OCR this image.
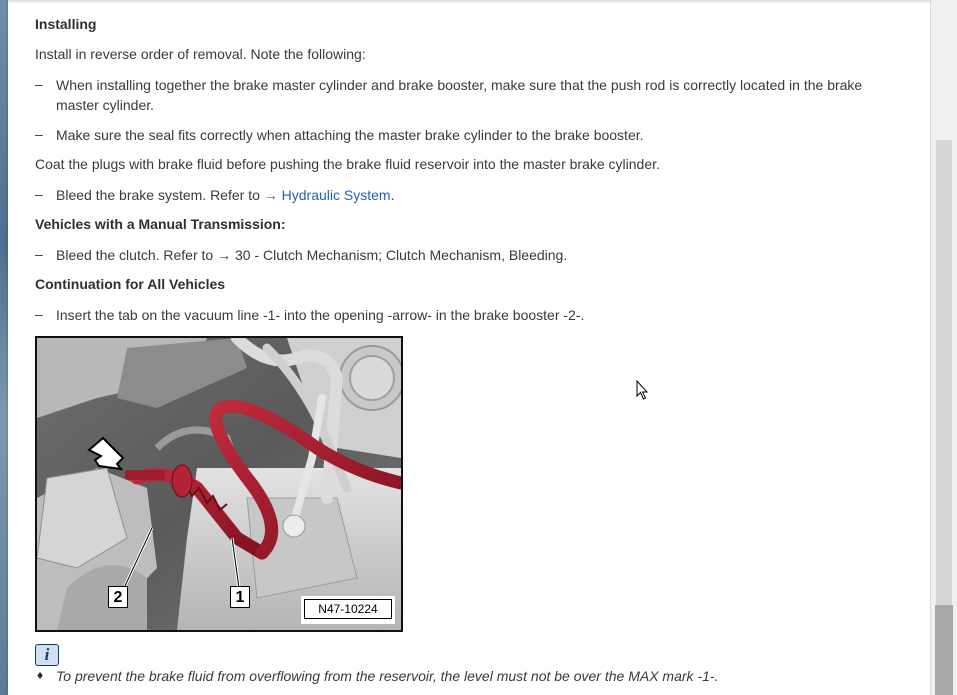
Installing
Install in reverse order of removal. Note the following:
– When installing together the brake master cylinder and brake booster, make sure that the push rod is correctly located in the brake master cylinder.
– Make sure the seal fits correctly when attaching the master brake cylinder to the brake booster.
Coat the plugs with brake fluid before pushing the brake fluid reservoir into the master brake cylinder.
– Bleed the brake system. Refer to → Hydraulic System.
Vehicles with a Manual Transmission:
– Bleed the clutch. Refer to → 30 - Clutch Mechanism; Clutch Mechanism, Bleeding.
Continuation for All Vehicles
– Insert the tab on the vacuum line -1- into the opening -arrow- in the brake booster -2-.
2	1
N47-10224
i
♦ To prevent the brake fluid from overflowing from the reservoir, the level must not be over the MAX mark -1-.
